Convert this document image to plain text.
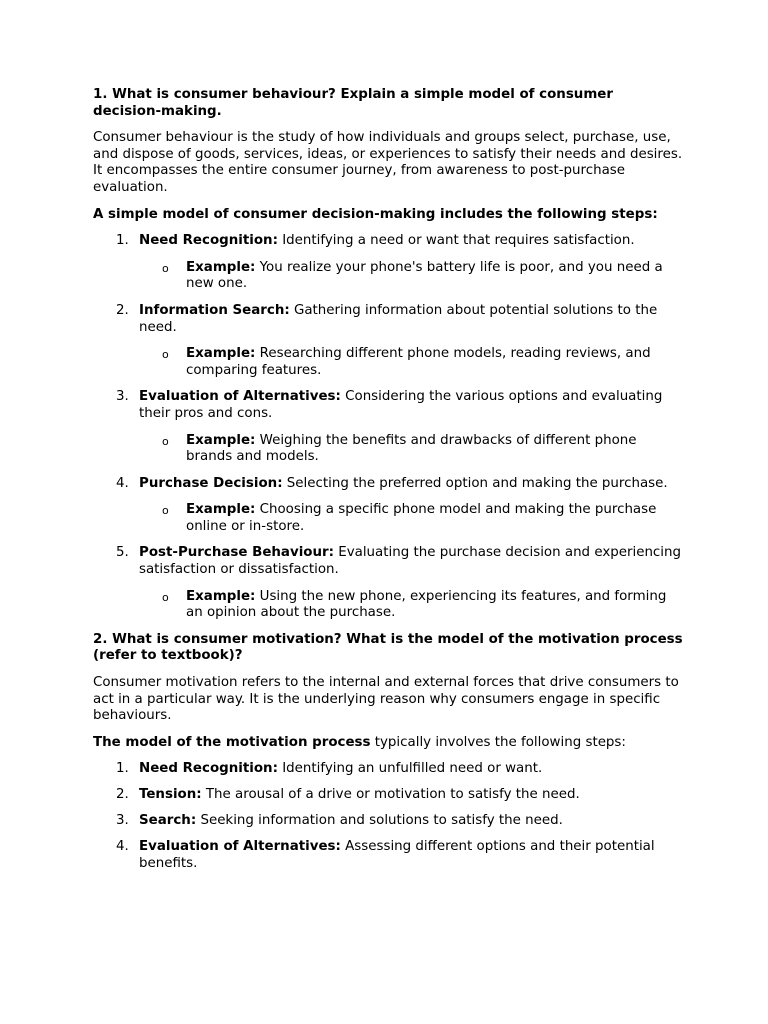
1. What is consumer behaviour? Explain a simple model of consumer decision-making.

Consumer behaviour is the study of how individuals and groups select, purchase, use, and dispose of goods, services, ideas, or experiences to satisfy their needs and desires. It encompasses the entire consumer journey, from awareness to post-purchase evaluation.

A simple model of consumer decision-making includes the following steps:

1. Need Recognition: Identifying a need or want that requires satisfaction.
o Example: You realize your phone's battery life is poor, and you need a new one.
2. Information Search: Gathering information about potential solutions to the need.
o Example: Researching different phone models, reading reviews, and comparing features.
3. Evaluation of Alternatives: Considering the various options and evaluating their pros and cons.
o Example: Weighing the benefits and drawbacks of different phone brands and models.
4. Purchase Decision: Selecting the preferred option and making the purchase.
o Example: Choosing a specific phone model and making the purchase online or in-store.
5. Post-Purchase Behaviour: Evaluating the purchase decision and experiencing satisfaction or dissatisfaction.
o Example: Using the new phone, experiencing its features, and forming an opinion about the purchase.

2. What is consumer motivation? What is the model of the motivation process (refer to textbook)?

Consumer motivation refers to the internal and external forces that drive consumers to act in a particular way. It is the underlying reason why consumers engage in specific behaviours.

The model of the motivation process typically involves the following steps:

1. Need Recognition: Identifying an unfulfilled need or want.
2. Tension: The arousal of a drive or motivation to satisfy the need.
3. Search: Seeking information and solutions to satisfy the need.
4. Evaluation of Alternatives: Assessing different options and their potential benefits.
